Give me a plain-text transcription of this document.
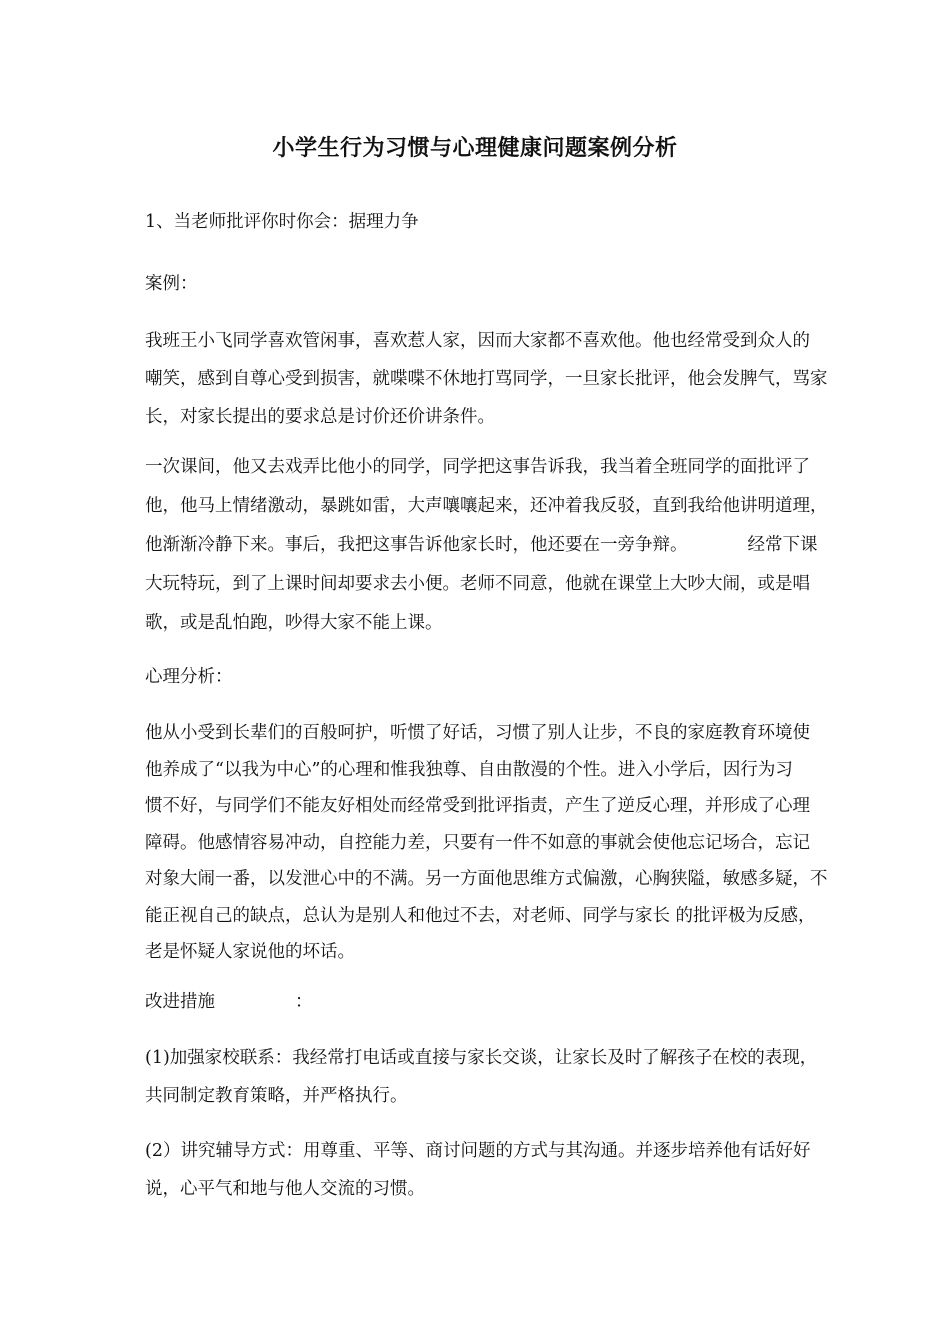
小学生行为习惯与心理健康问题案例分析
1、当老师批评你时你会：据理力争
案例：
我班王小飞同学喜欢管闲事，喜欢惹人家，因而大家都不喜欢他。他也经常受到众人的
嘲笑，感到自尊心受到损害，就喋喋不休地打骂同学，一旦家长批评，他会发脾气，骂家
长，对家长提出的要求总是讨价还价讲条件。
一次课间，他又去戏弄比他小的同学，同学把这事告诉我，我当着全班同学的面批评了
他，他马上情绪激动，暴跳如雷，大声嚷嚷起来，还冲着我反驳，直到我给他讲明道理，
他渐渐冷静下来。事后，我把这事告诉他家长时，他还要在一旁争辩。	经常下课
大玩特玩，到了上课时间却要求去小便。老师不同意，他就在课堂上大吵大闹，或是唱
歌，或是乱怕跑，吵得大家不能上课。
心理分析：
他从小受到长辈们的百般呵护，听惯了好话，习惯了别人让步，不良的家庭教育环境使
他养成了“以我为中心”的心理和惟我独尊、自由散漫的个性。进入小学后，因行为习
惯不好，与同学们不能友好相处而经常受到批评指责，产生了逆反心理，并形成了心理
障碍。他感情容易冲动，自控能力差，只要有一件不如意的事就会使他忘记场合，忘记
对象大闹一番，以发泄心中的不满。另一方面他思维方式偏激，心胸狭隘，敏感多疑，不
能正视自己的缺点，总认为是别人和他过不去，对老师、同学与家长 的批评极为反感，
老是怀疑人家说他的坏话。
改进措施	：
(1)加强家校联系：我经常打电话或直接与家长交谈，让家长及时了解孩子在校的表现，
共同制定教育策略，并严格执行。
(2）讲究辅导方式：用尊重、平等、商讨问题的方式与其沟通。并逐步培养他有话好好
说，心平气和地与他人交流的习惯。
